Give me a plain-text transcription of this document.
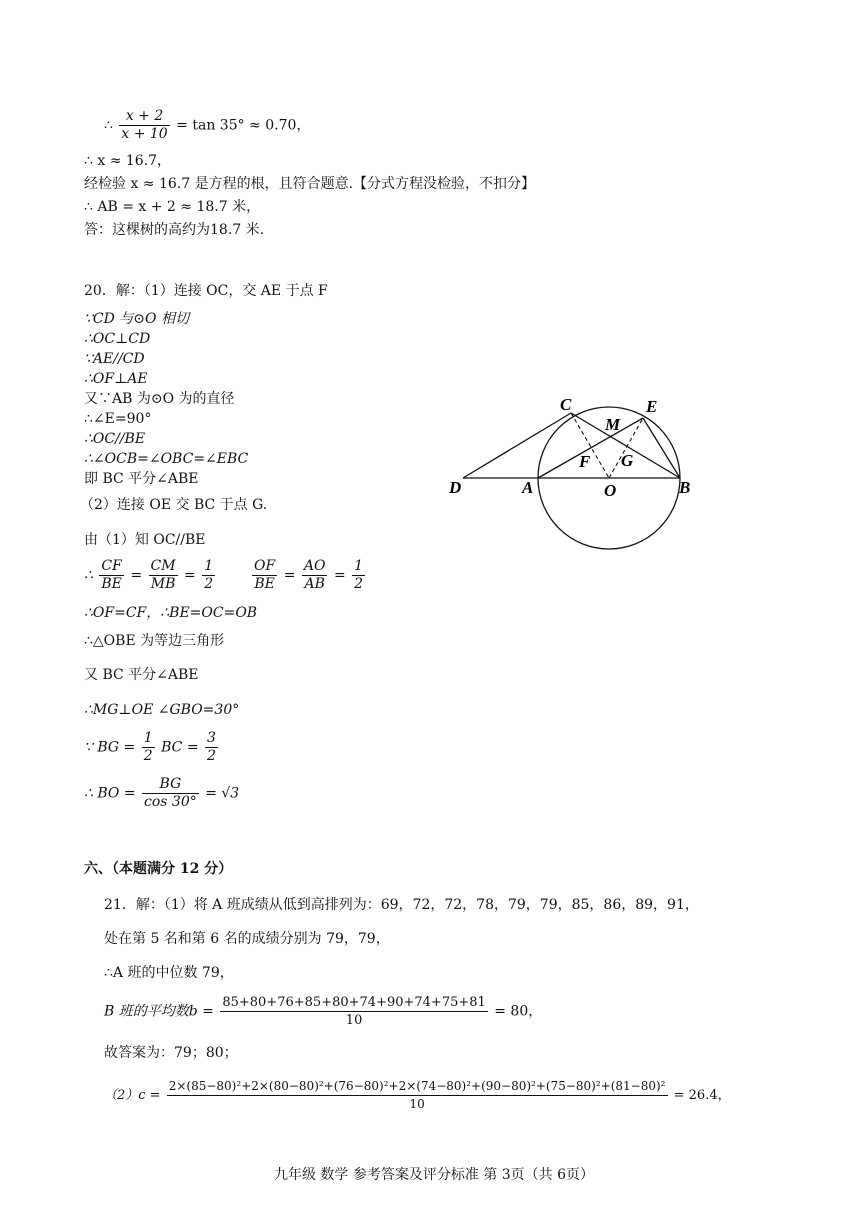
∴ $\frac{x + 2}{x + 10} = \tan 35^\circ \approx 0.70$，
∴ x ≈ 16.7，
经检验 x ≈ 16.7 是方程的根，且符合题意.【分式方程没检验，不扣分】
∴ AB = x + 2 ≈ 18.7 米，
答：这棵树的高约为18.7 米.
20．解：（1）连接 OC，交 AE 于点 F
∵CD 与⊙O 相切
∴OC⊥CD
∵AE//CD
∴OF⊥AE
又∵AB 为⊙O 为的直径
∴∠E=90°
∴OC//BE
∴∠OCB=∠OBC=∠EBC
即 BC 平分∠ABE
（2）连接 OE 交 BC 于点 G.
由（1）知 OC//BE
∴ $\frac{CF}{BE} = \frac{CM}{MB} = \frac{1}{2}$
	$\frac{OF}{BE} = \frac{AO}{AB} = \frac{1}{2}$
∴OF=CF，∴BE=OC=OB
∴△OBE 为等边三角形
又 BC 平分∠ABE
∴MG⊥OE ∠GBO=30°
∵ BG = $\frac{1}{2}$ BC = $\frac{3}{2}$
∴ BO = $\frac{BG}{\cos 30^\circ} = √3$
C	E
M
F G
D	A	O	B
六、（本题满分 12 分）
21．解：（1）将 A 班成绩从低到高排列为：69，72，72，78，79，79，85，86，89，91，
处在第 5 名和第 6 名的成绩分别为 79，79，
∴A 班的中位数 79，
B 班的平均数$b = \frac{85+80+76+85+80+74+90+74+75+81}{10} = 80$，
故答案为：79；80；
（2）c =
2×(85−80)²+2×(80−80)²+(76−80)²+2×(74−80)²+(90−80)²+(75−80)²+(81−80)²
10
= 26.4，
九年级 数学 参考答案及评分标准 第 3页（共 6页）
